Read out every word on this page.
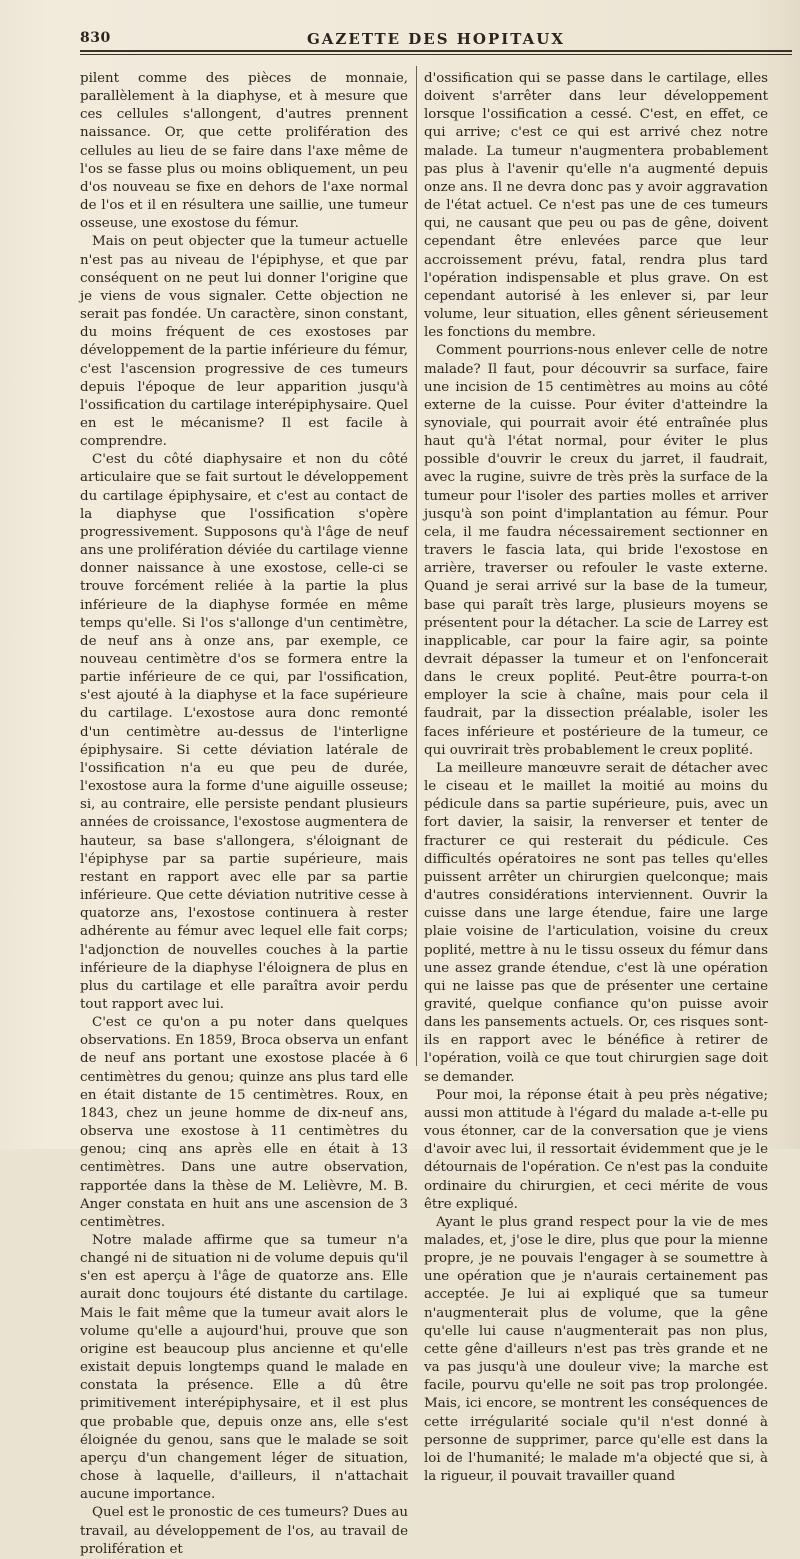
830	GAZETTE DES HOPITAUX

pilent comme des pièces de monnaie, parallèlement à la diaphyse, et à mesure que ces cellules s'allongent, d'autres prennent naissance. Or, que cette prolifération des cellules au lieu de se faire dans l'axe même de l'os se fasse plus ou moins obliquement, un peu d'os nouveau se fixe en dehors de l'axe normal de l'os et il en résultera une saillie, une tumeur osseuse, une exostose du fémur.

Mais on peut objecter que la tumeur actuelle n'est pas au niveau de l'épiphyse, et que par conséquent on ne peut lui donner l'origine que je viens de vous signaler. Cette objection ne serait pas fondée. Un caractère, sinon constant, du moins fréquent de ces exostoses par développement de la partie inférieure du fémur, c'est l'ascension progressive de ces tumeurs depuis l'époque de leur apparition jusqu'à l'ossification du cartilage interépiphysaire. Quel en est le mécanisme? Il est facile à comprendre.

C'est du côté diaphysaire et non du côté articulaire que se fait surtout le développement du cartilage épiphysaire, et c'est au contact de la diaphyse que l'ossification s'opère progressivement. Supposons qu'à l'âge de neuf ans une prolifération déviée du cartilage vienne donner naissance à une exostose, celle-ci se trouve forcément reliée à la partie la plus inférieure de la diaphyse formée en même temps qu'elle. Si l'os s'allonge d'un centimètre, de neuf ans à onze ans, par exemple, ce nouveau centimètre d'os se formera entre la partie inférieure de ce qui, par l'ossification, s'est ajouté à la diaphyse et la face supérieure du cartilage. L'exostose aura donc remonté d'un centimètre au-dessus de l'interligne épiphysaire. Si cette déviation latérale de l'ossification n'a eu que peu de durée, l'exostose aura la forme d'une aiguille osseuse; si, au contraire, elle persiste pendant plusieurs années de croissance, l'exostose augmentera de hauteur, sa base s'allongera, s'éloignant de l'épiphyse par sa partie supérieure, mais restant en rapport avec elle par sa partie inférieure. Que cette déviation nutritive cesse à quatorze ans, l'exostose continuera à rester adhérente au fémur avec lequel elle fait corps; l'adjonction de nouvelles couches à la partie inférieure de la diaphyse l'éloignera de plus en plus du cartilage et elle paraîtra avoir perdu tout rapport avec lui.

C'est ce qu'on a pu noter dans quelques observations. En 1859, Broca observa un enfant de neuf ans portant une exostose placée à 6 centimètres du genou; quinze ans plus tard elle en était distante de 15 centimètres. Roux, en 1843, chez un jeune homme de dix-neuf ans, observa une exostose à 11 centimètres du genou; cinq ans après elle en était à 13 centimètres. Dans une autre observation, rapportée dans la thèse de M. Lelièvre, M. B. Anger constata en huit ans une ascension de 3 centimètres.

Notre malade affirme que sa tumeur n'a changé ni de situation ni de volume depuis qu'il s'en est aperçu à l'âge de quatorze ans. Elle aurait donc toujours été distante du cartilage. Mais le fait même que la tumeur avait alors le volume qu'elle a aujourd'hui, prouve que son origine est beaucoup plus ancienne et qu'elle existait depuis longtemps quand le malade en constata la présence. Elle a dû être primitivement interépiphysaire, et il est plus que probable que, depuis onze ans, elle s'est éloignée du genou, sans que le malade se soit aperçu d'un changement léger de situation, chose à laquelle, d'ailleurs, il n'attachait aucune importance.

Quel est le pronostic de ces tumeurs? Dues au travail, au développement de l'os, au travail de prolifération et

d'ossification qui se passe dans le cartilage, elles doivent s'arrêter dans leur développement lorsque l'ossification a cessé. C'est, en effet, ce qui arrive; c'est ce qui est arrivé chez notre malade. La tumeur n'augmentera probablement pas plus à l'avenir qu'elle n'a augmenté depuis onze ans. Il ne devra donc pas y avoir aggravation de l'état actuel. Ce n'est pas une de ces tumeurs qui, ne causant que peu ou pas de gêne, doivent cependant être enlevées parce que leur accroissement prévu, fatal, rendra plus tard l'opération indispensable et plus grave. On est cependant autorisé à les enlever si, par leur volume, leur situation, elles gênent sérieusement les fonctions du membre.

Comment pourrions-nous enlever celle de notre malade? Il faut, pour découvrir sa surface, faire une incision de 15 centimètres au moins au côté externe de la cuisse. Pour éviter d'atteindre la synoviale, qui pourrait avoir été entraînée plus haut qu'à l'état normal, pour éviter le plus possible d'ouvrir le creux du jarret, il faudrait, avec la rugine, suivre de très près la surface de la tumeur pour l'isoler des parties molles et arriver jusqu'à son point d'implantation au fémur. Pour cela, il me faudra nécessairement sectionner en travers le fascia lata, qui bride l'exostose en arrière, traverser ou refouler le vaste externe. Quand je serai arrivé sur la base de la tumeur, base qui paraît très large, plusieurs moyens se présentent pour la détacher. La scie de Larrey est inapplicable, car pour la faire agir, sa pointe devrait dépasser la tumeur et on l'enfoncerait dans le creux poplité. Peut-être pourra-t-on employer la scie à chaîne, mais pour cela il faudrait, par la dissection préalable, isoler les faces inférieure et postérieure de la tumeur, ce qui ouvrirait très probablement le creux poplité.

La meilleure manœuvre serait de détacher avec le ciseau et le maillet la moitié au moins du pédicule dans sa partie supérieure, puis, avec un fort davier, la saisir, la renverser et tenter de fracturer ce qui resterait du pédicule. Ces difficultés opératoires ne sont pas telles qu'elles puissent arrêter un chirurgien quelconque; mais d'autres considérations interviennent. Ouvrir la cuisse dans une large étendue, faire une large plaie voisine de l'articulation, voisine du creux poplité, mettre à nu le tissu osseux du fémur dans une assez grande étendue, c'est là une opération qui ne laisse pas que de présenter une certaine gravité, quelque confiance qu'on puisse avoir dans les pansements actuels. Or, ces risques sont-ils en rapport avec le bénéfice à retirer de l'opération, voilà ce que tout chirurgien sage doit se demander.

Pour moi, la réponse était à peu près négative; aussi mon attitude à l'égard du malade a-t-elle pu vous étonner, car de la conversation que je viens d'avoir avec lui, il ressortait évidemment que je le détournais de l'opération. Ce n'est pas la conduite ordinaire du chirurgien, et ceci mérite de vous être expliqué.

Ayant le plus grand respect pour la vie de mes malades, et, j'ose le dire, plus que pour la mienne propre, je ne pouvais l'engager à se soumettre à une opération que je n'aurais certainement pas acceptée. Je lui ai expliqué que sa tumeur n'augmenterait plus de volume, que la gêne qu'elle lui cause n'augmenterait pas non plus, cette gêne d'ailleurs n'est pas très grande et ne va pas jusqu'à une douleur vive; la marche est facile, pourvu qu'elle ne soit pas trop prolongée. Mais, ici encore, se montrent les conséquences de cette irrégularité sociale qu'il n'est donné à personne de supprimer, parce qu'elle est dans la loi de l'humanité; le malade m'a objecté que si, à la rigueur, il pouvait travailler quand
